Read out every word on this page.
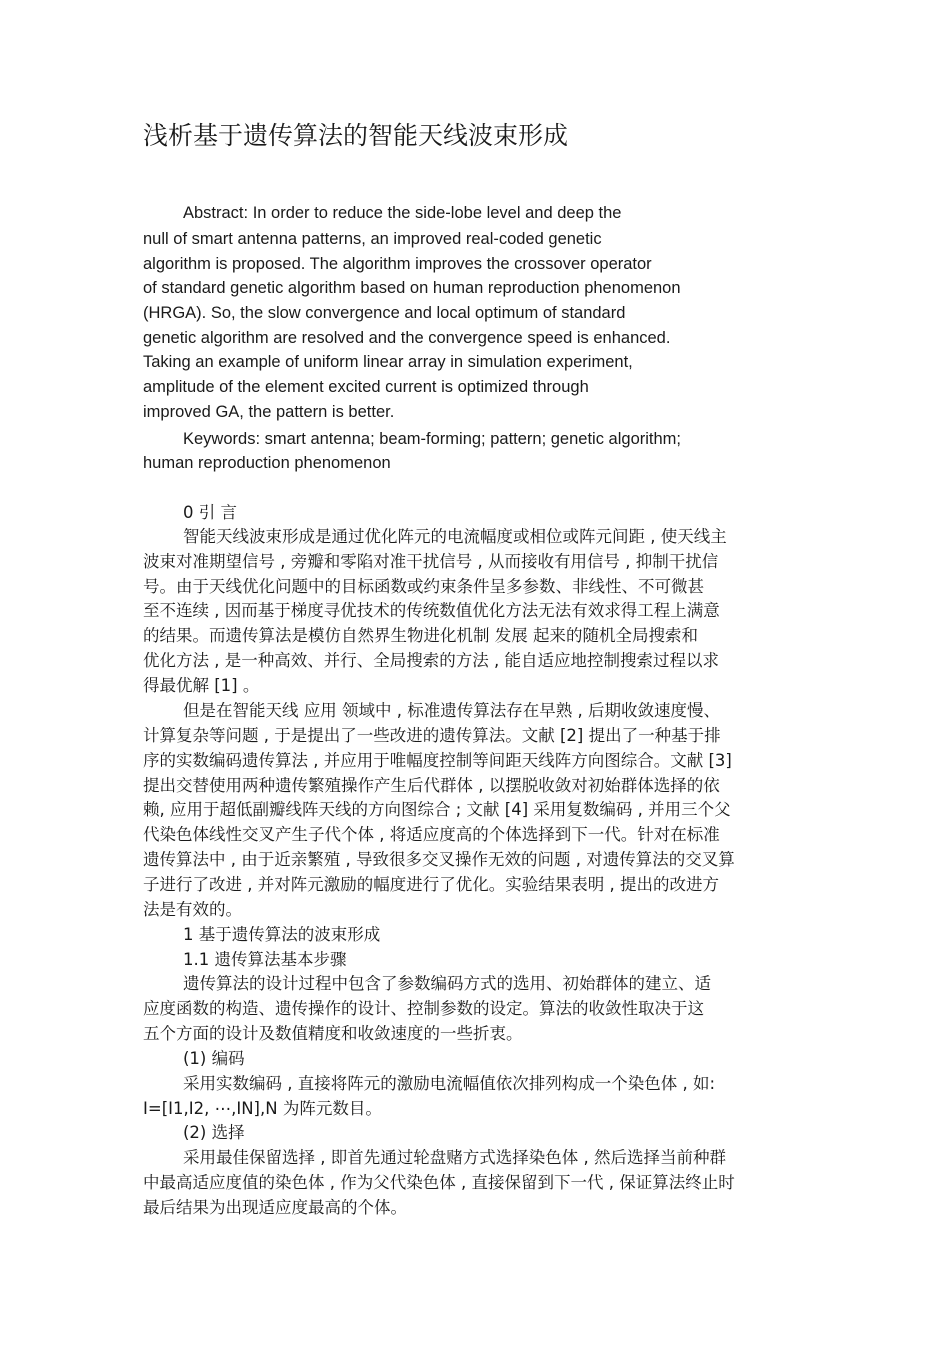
浅析基于遗传算法的智能天线波束形成
Abstract: In order to reduce the side-lobe level and deep the
null of smart antenna patterns, an improved real-coded genetic
algorithm is proposed. The algorithm improves the crossover operator
of standard genetic algorithm based on human reproduction phenomenon
(HRGA). So, the slow convergence and local optimum of standard
genetic algorithm are resolved and the convergence speed is enhanced.
Taking an example of uniform linear array in simulation experiment,
amplitude of the element excited current is optimized through
improved GA, the pattern is better.
Keywords: smart antenna; beam-forming; pattern; genetic algorithm;
human reproduction phenomenon
0 引 言
智能天线波束形成是通过优化阵元的电流幅度或相位或阵元间距 , 使天线主
波束对准期望信号 , 旁瓣和零陷对准干扰信号 , 从而接收有用信号 , 抑制干扰信
号。由于天线优化问题中的目标函数或约束条件呈多参数、非线性、不可微甚
至不连续 , 因而基于梯度寻优技术的传统数值优化方法无法有效求得工程上满意
的结果。而遗传算法是模仿自然界生物进化机制 发展 起来的随机全局搜索和
优化方法 , 是一种高效、并行、全局搜索的方法 , 能自适应地控制搜索过程以求
得最优解 [1] 。
但是在智能天线 应用 领域中 , 标准遗传算法存在早熟 , 后期收敛速度慢、
计算复杂等问题 , 于是提出了一些改进的遗传算法。文献 [2] 提出了一种基于排
序的实数编码遗传算法 , 并应用于唯幅度控制等间距天线阵方向图综合。文献 [3]
提出交替使用两种遗传繁殖操作产生后代群体 , 以摆脱收敛对初始群体选择的依
赖, 应用于超低副瓣线阵天线的方向图综合 ; 文献 [4] 采用复数编码 , 并用三个父
代染色体线性交叉产生子代个体 , 将适应度高的个体选择到下一代。针对在标准
遗传算法中 , 由于近亲繁殖 , 导致很多交叉操作无效的问题 , 对遗传算法的交叉算
子进行了改进 , 并对阵元激励的幅度进行了优化。实验结果表明 , 提出的改进方
法是有效的。
1 基于遗传算法的波束形成
1.1 遗传算法基本步骤
遗传算法的设计过程中包含了参数编码方式的选用、初始群体的建立、适
应度函数的构造、遗传操作的设计、控制参数的设定。算法的收敛性取决于这
五个方面的设计及数值精度和收敛速度的一些折衷。
(1) 编码
采用实数编码 , 直接将阵元的激励电流幅值依次排列构成一个染色体 , 如:
I=[I1,I2, ⋯,IN],N 为阵元数目。
(2) 选择
采用最佳保留选择 , 即首先通过轮盘赌方式选择染色体 , 然后选择当前种群
中最高适应度值的染色体 , 作为父代染色体 , 直接保留到下一代 , 保证算法终止时
最后结果为出现适应度最高的个体。
